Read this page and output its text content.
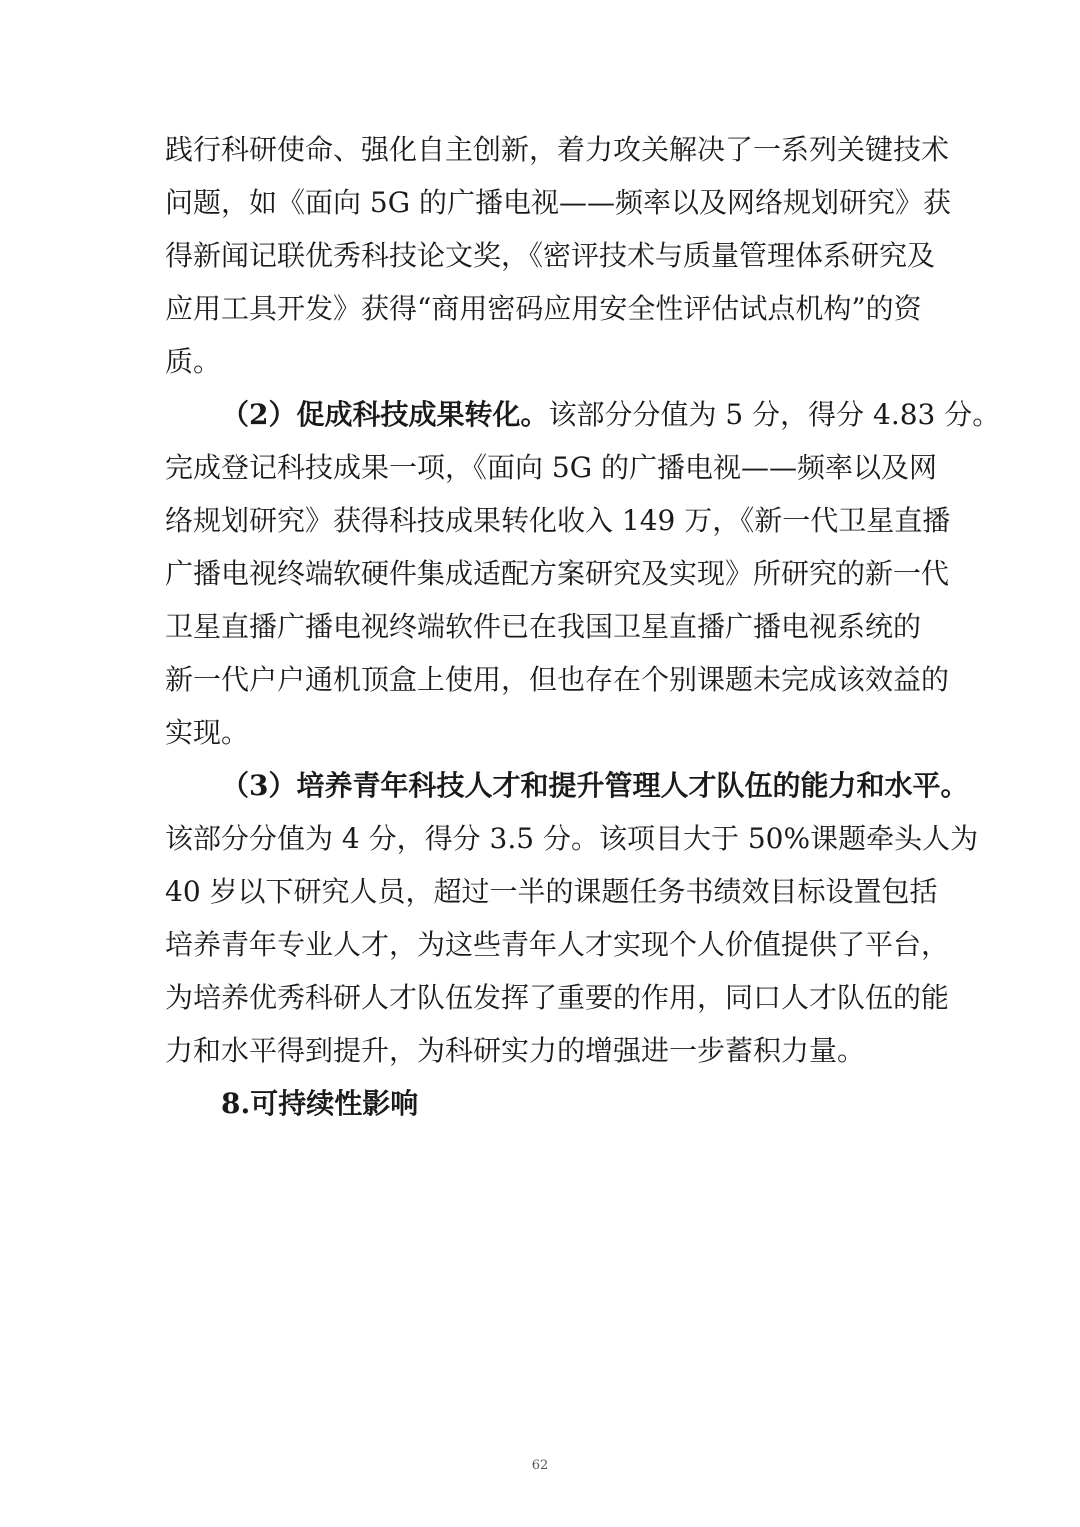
践行科研使命、强化自主创新，着力攻关解决了一系列关键技术
问题，如《面向 5G 的广播电视——频率以及网络规划研究》获
得新闻记联优秀科技论文奖，《密评技术与质量管理体系研究及
应用工具开发》获得“商用密码应用安全性评估试点机构”的资
质。
（2）促成科技成果转化。该部分分值为 5 分，得分 4.83 分。
完成登记科技成果一项，《面向 5G 的广播电视——频率以及网
络规划研究》获得科技成果转化收入 149 万，《新一代卫星直播
广播电视终端软硬件集成适配方案研究及实现》所研究的新一代
卫星直播广播电视终端软件已在我国卫星直播广播电视系统的
新一代户户通机顶盒上使用，但也存在个别课题未完成该效益的
实现。
（3）培养青年科技人才和提升管理人才队伍的能力和水平。
该部分分值为 4 分，得分 3.5 分。该项目大于 50%课题牵头人为
40 岁以下研究人员，超过一半的课题任务书绩效目标设置包括
培养青年专业人才，为这些青年人才实现个人价值提供了平台，
为培养优秀科研人才队伍发挥了重要的作用，同口人才队伍的能
力和水平得到提升，为科研实力的增强进一步蓄积力量。
8.可持续性影响
62
